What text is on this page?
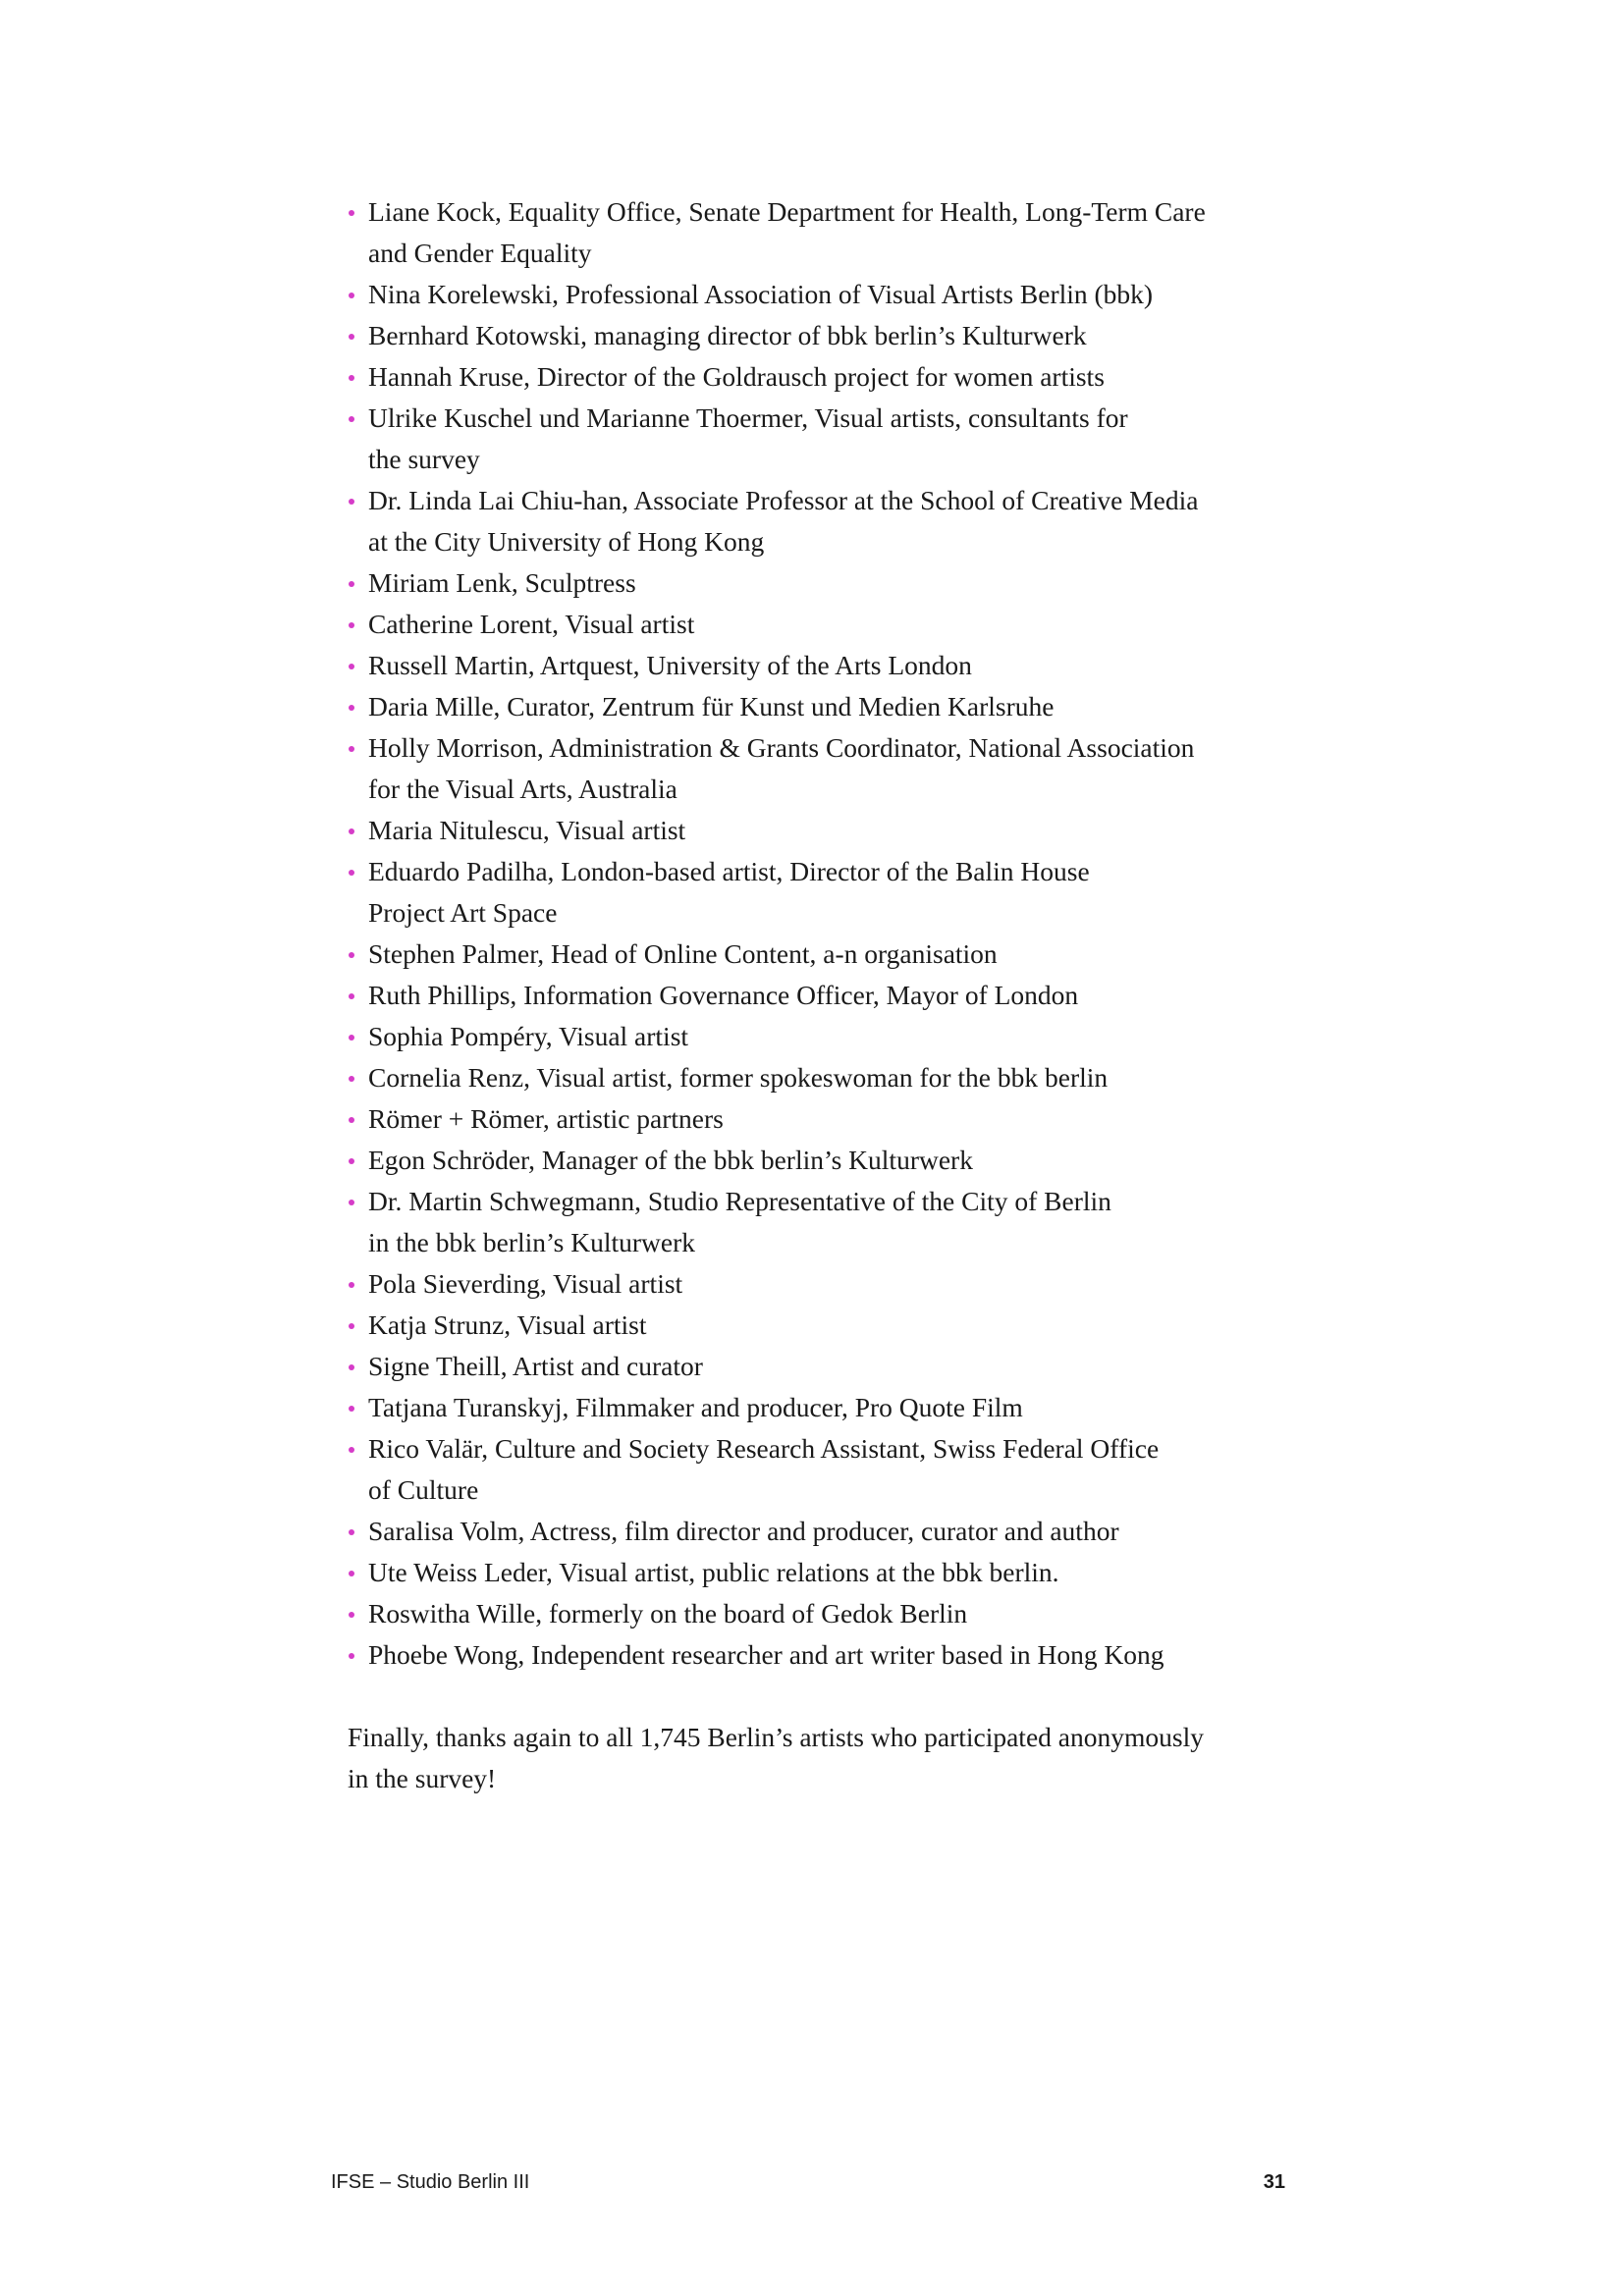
Liane Kock, Equality Office, Senate Department for Health, Long-Term Care
and Gender Equality
Nina Korelewski, Professional Association of Visual Artists Berlin (bbk)
Bernhard Kotowski, managing director of bbk berlin’s Kulturwerk
Hannah Kruse, Director of the Goldrausch project for women artists
Ulrike Kuschel und Marianne Thoermer, Visual artists, consultants for
the survey
Dr. Linda Lai Chiu-han, Associate Professor at the School of Creative Media
at the City University of Hong Kong
Miriam Lenk, Sculptress
Catherine Lorent, Visual artist
Russell Martin, Artquest, University of the Arts London
Daria Mille, Curator, Zentrum für Kunst und Medien Karlsruhe
Holly Morrison, Administration & Grants Coordinator, National Association
for the Visual Arts, Australia
Maria Nitulescu, Visual artist
Eduardo Padilha, London-based artist, Director of the Balin House
Project Art Space
Stephen Palmer, Head of Online Content, a-n organisation
Ruth Phillips, Information Governance Officer, Mayor of London
Sophia Pompéry, Visual artist
Cornelia Renz, Visual artist, former spokeswoman for the bbk berlin
Römer + Römer, artistic partners
Egon Schröder, Manager of the bbk berlin’s Kulturwerk
Dr. Martin Schwegmann, Studio Representative of the City of Berlin
in the bbk berlin’s Kulturwerk
Pola Sieverding, Visual artist
Katja Strunz, Visual artist
Signe Theill, Artist and curator
Tatjana Turanskyj, Filmmaker and producer, Pro Quote Film
Rico Valär, Culture and Society Research Assistant, Swiss Federal Office
of Culture
Saralisa Volm, Actress, film director and producer, curator and author
Ute Weiss Leder, Visual artist, public relations at the bbk berlin.
Roswitha Wille, formerly on the board of Gedok Berlin
Phoebe Wong, Independent researcher and art writer based in Hong Kong

Finally, thanks again to all 1,745 Berlin’s artists who participated anonymously
in the survey!

IFSE – Studio Berlin III	31
